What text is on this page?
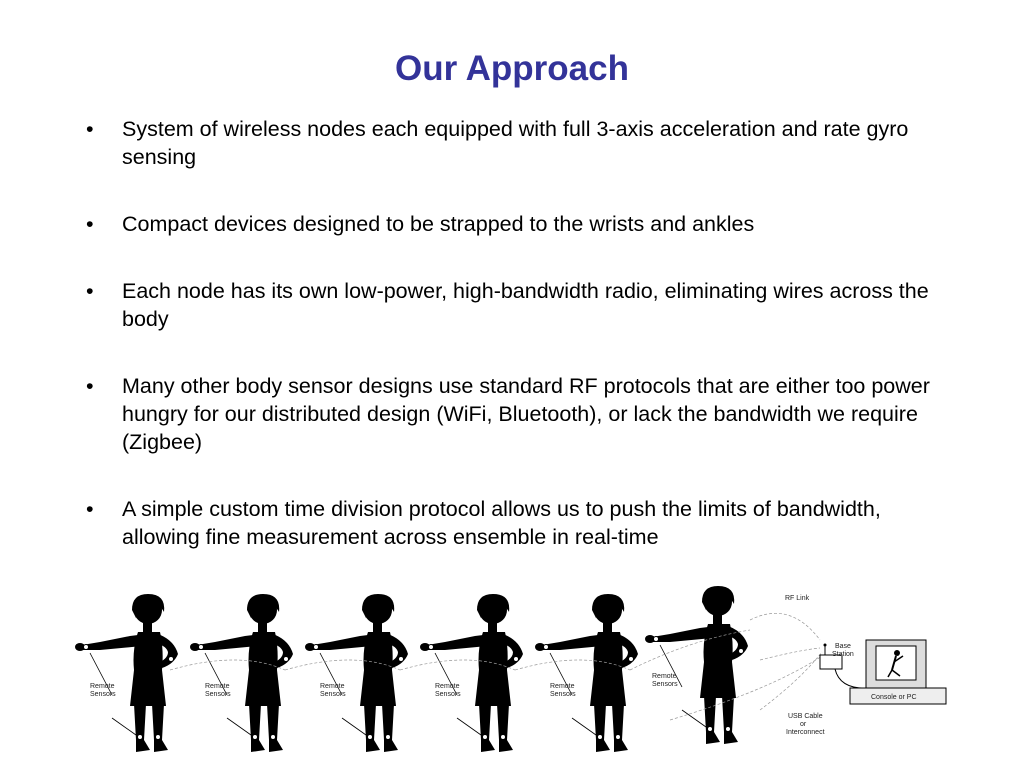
Our Approach
• System of wireless nodes each equipped with full 3-axis acceleration and rate gyro sensing
• Compact devices designed to be strapped to the wrists and ankles
• Each node has its own low-power, high-bandwidth radio, eliminating wires across the body
• Many other body sensor designs use standard RF protocols that are either too power hungry for our distributed design (WiFi, Bluetooth), or lack the bandwidth we require (Zigbee)
• A simple custom time division protocol allows us to push the limits of bandwidth, allowing fine measurement across ensemble in real-time
Remote
Sensors
Remote
Sensors
Remote
Sensors
Remote
Sensors
Remote
Sensors
Remote
Sensors
RF Link
Base
Station
USB Cable
or
Interconnect
Console or PC
